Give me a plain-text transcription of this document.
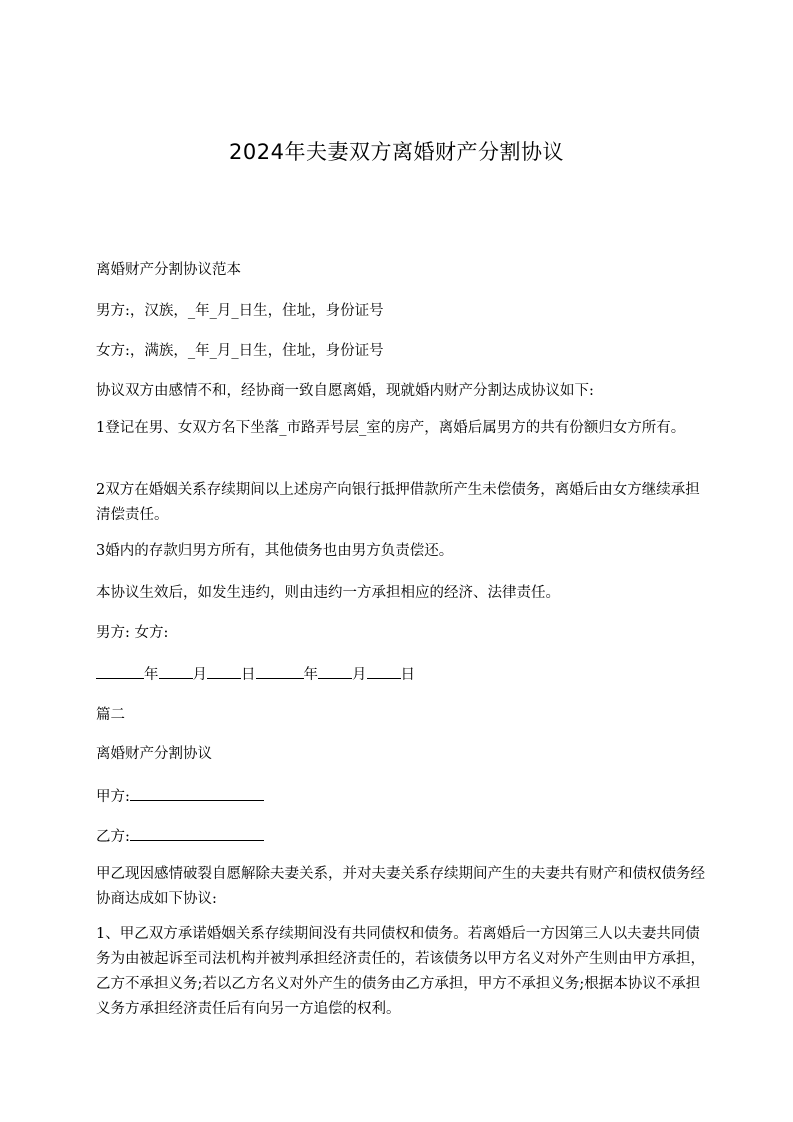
2024年夫妻双方离婚财产分割协议
离婚财产分割协议范本
男方:，汉族，_年_月_日生，住址，身份证号
女方:，满族，_年_月_日生，住址，身份证号
协议双方由感情不和，经协商一致自愿离婚，现就婚内财产分割达成协议如下:
1登记在男、女双方名下坐落_市路弄号层_室的房产，离婚后属男方的共有份额归女方所有。
2双方在婚姻关系存续期间以上述房产向银行抵押借款所产生未偿债务，离婚后由女方继续承担清偿责任。
3婚内的存款归男方所有，其他债务也由男方负责偿还。
本协议生效后，如发生违约，则由违约一方承担相应的经济、法律责任。
男方: 女方:
年 月 日	年 月 日
篇二
离婚财产分割协议
甲方:
乙方:
甲乙现因感情破裂自愿解除夫妻关系，并对夫妻关系存续期间产生的夫妻共有财产和债权债务经协商达成如下协议:
1、甲乙双方承诺婚姻关系存续期间没有共同债权和债务。若离婚后一方因第三人以夫妻共同债务为由被起诉至司法机构并被判承担经济责任的，若该债务以甲方名义对外产生则由甲方承担，乙方不承担义务;若以乙方名义对外产生的债务由乙方承担，甲方不承担义务;根据本协议不承担义务方承担经济责任后有向另一方追偿的权利。
